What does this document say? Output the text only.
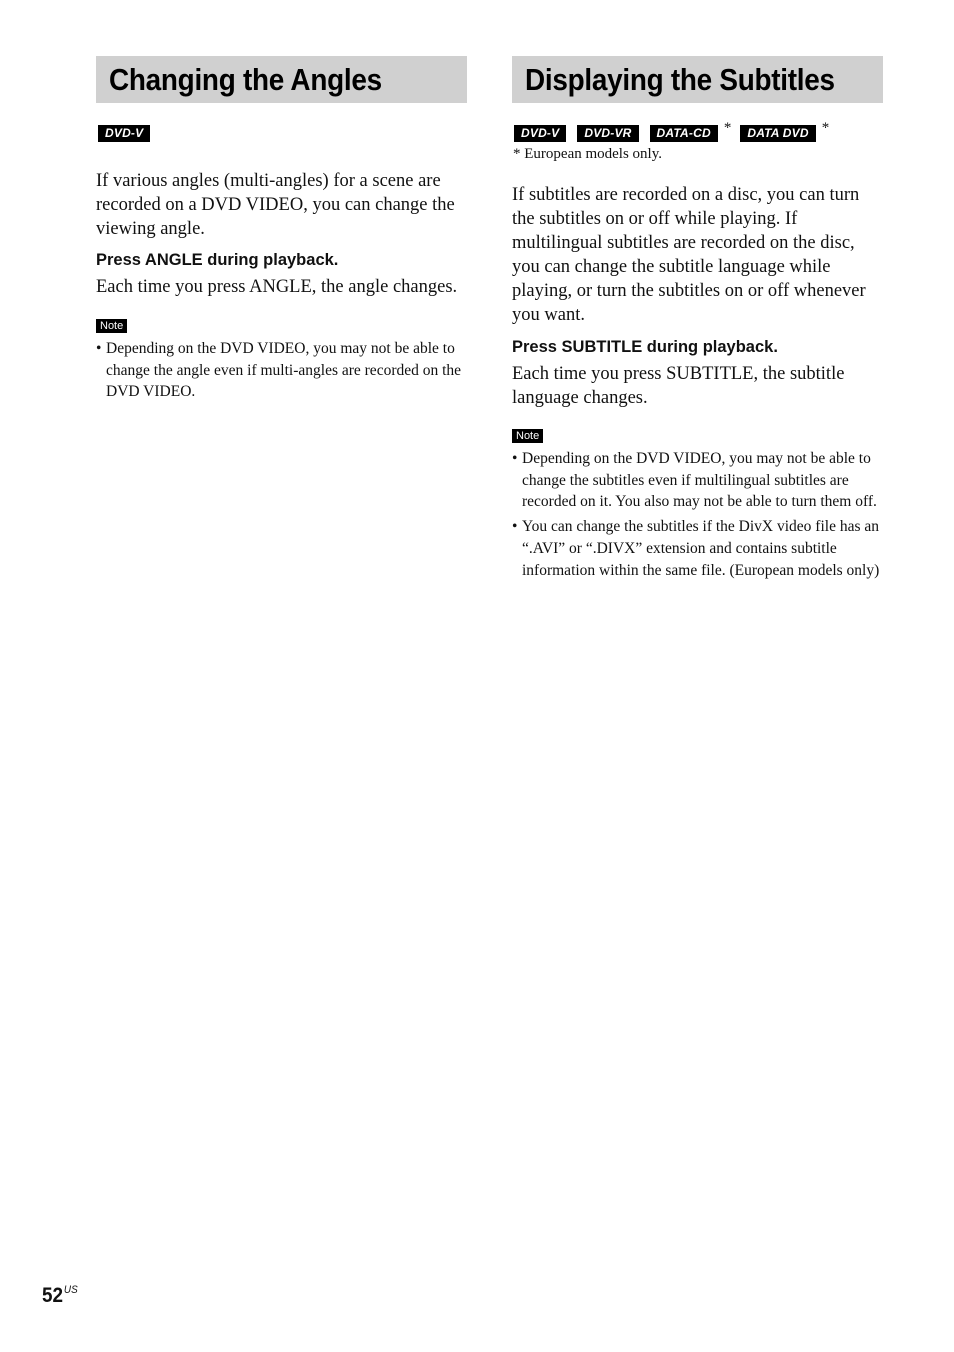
Changing the Angles
DVD-V

If various angles (multi-angles) for a scene are recorded on a DVD VIDEO, you can change the viewing angle.

Press ANGLE during playback.

Each time you press ANGLE, the angle changes.

Note
• Depending on the DVD VIDEO, you may not be able to change the angle even if multi-angles are recorded on the DVD VIDEO.
Displaying the Subtitles
DVD-V	DVD-VR	DATA-CD *	DATA DVD *

* European models only.

If subtitles are recorded on a disc, you can turn the subtitles on or off while playing. If multilingual subtitles are recorded on the disc, you can change the subtitle language while playing, or turn the subtitles on or off whenever you want.

Press SUBTITLE during playback.

Each time you press SUBTITLE, the subtitle language changes.

Note
• Depending on the DVD VIDEO, you may not be able to change the subtitles even if multilingual subtitles are recorded on it. You also may not be able to turn them off.
• You can change the subtitles if the DivX video file has an “.AVI” or “.DIVX” extension and contains subtitle information within the same file. (European models only)
$52^{US}$
